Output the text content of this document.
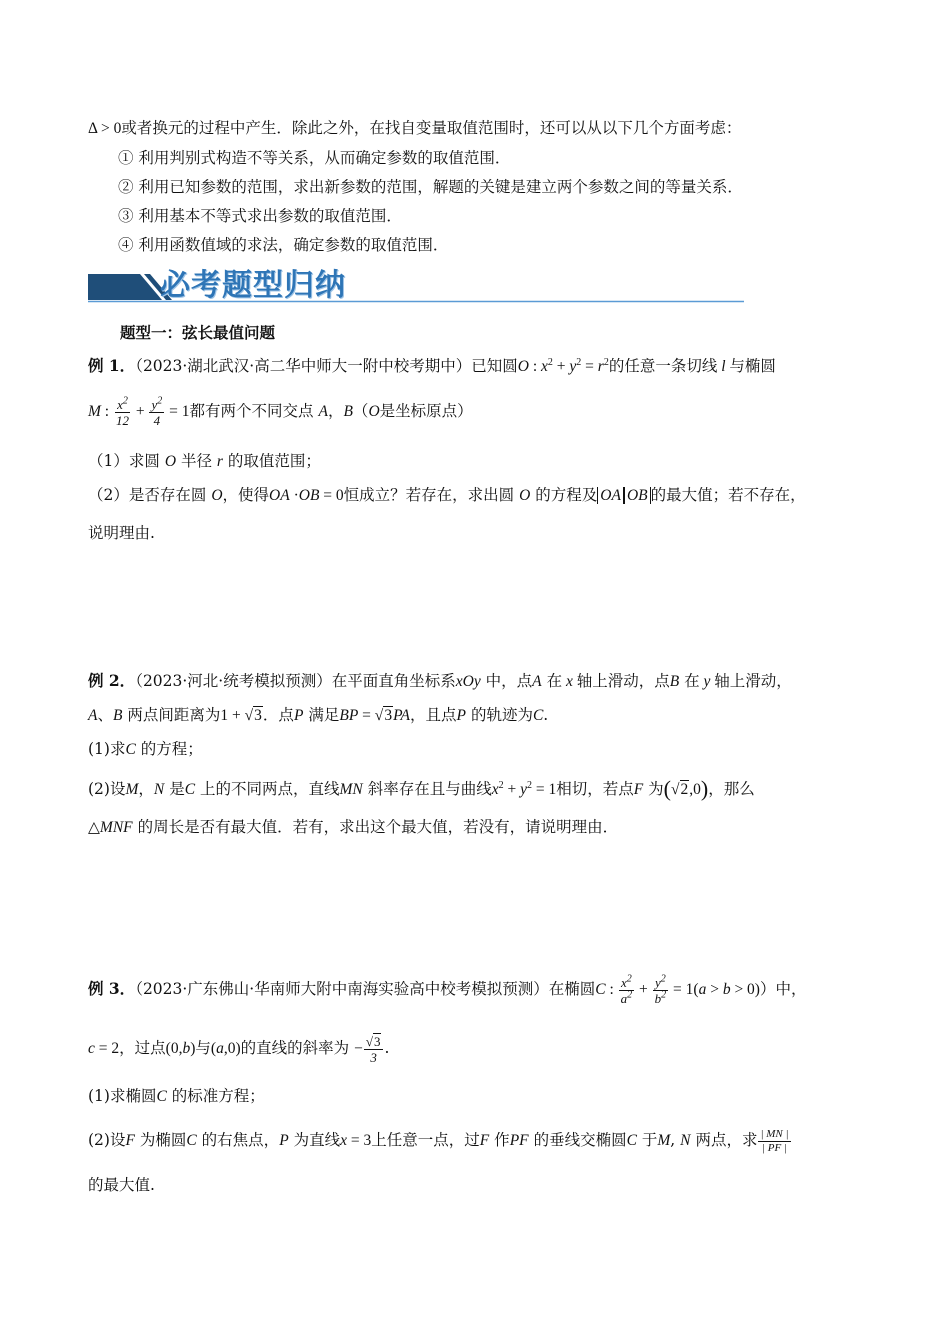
Δ > 0或者换元的过程中产生．除此之外，在找自变量取值范围时，还可以从以下几个方面考虑：
① 利用判别式构造不等关系，从而确定参数的取值范围．
② 利用已知参数的范围，求出新参数的范围，解题的关键是建立两个参数之间的等量关系．
③ 利用基本不等式求出参数的取值范围．
④ 利用函数值域的求法，确定参数的取值范围．
必考题型归纳
题型一：弦长最值问题
例 1．（2023·湖北武汉·高二华中师大一附中校考期中）已知圆O : $x^2 + y^2 = r^2$的任意一条切线 l 与椭圆
M : $\frac{x^2}{12} + \frac{y^2}{4} = 1$都有两个不同交点 A，B（O是坐标原点）
（1）求圆 O 半径 r 的取值范围；
（2）是否存在圆 O，使得OA ·OB = 0恒成立？若存在，求出圆 O 的方程及 OA OB 的最大值；若不存在，
说明理由.
例 2．（2023·河北·统考模拟预测）在平面直角坐标系xOy 中，点A 在 x 轴上滑动，点B 在 y 轴上滑动，
A、B 两点间距离为1 + √3．点P 满足BP = √3PA，且点P 的轨迹为C.
(1)求C 的方程；
(2)设M，N 是C 上的不同两点，直线MN 斜率存在且与曲线$x^2 + y^2 = 1$相切，若点F 为(√2,0)，那么
△MNF 的周长是否有最大值．若有，求出这个最大值，若没有，请说明理由．
例 3．（2023·广东佛山·华南师大附中南海实验高中校考模拟预测）在椭圆C : $\frac{x^2}{a^2} + \frac{y^2}{b^2} = 1(a > b > 0)$）中，
c = 2，过点(0,b)与(a,0)的直线的斜率为 − $\frac{√3}{3}$ .
(1)求椭圆C 的标准方程；
(2)设F 为椭圆C 的右焦点，P 为直线x = 3上任意一点，过F 作PF 的垂线交椭圆C 于M, N 两点，求 $\frac{| MN |}{| PF |}$
的最大值.
